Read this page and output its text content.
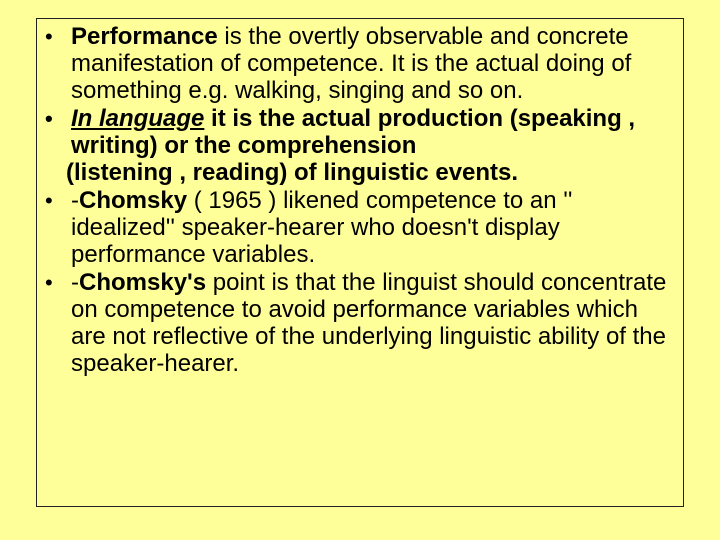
• Performance is the overtly observable and concrete manifestation of competence. It is the actual doing of something e.g. walking, singing and so on.
• In language it is the actual production (speaking , writing) or the comprehension
(listening , reading) of linguistic events.
• -Chomsky ( 1965 ) likened competence to an '' idealized'' speaker-hearer who doesn't display performance variables.
• -Chomsky's point is that the linguist should concentrate on competence to avoid performance variables which are not reflective of the underlying linguistic ability of the speaker-hearer.
